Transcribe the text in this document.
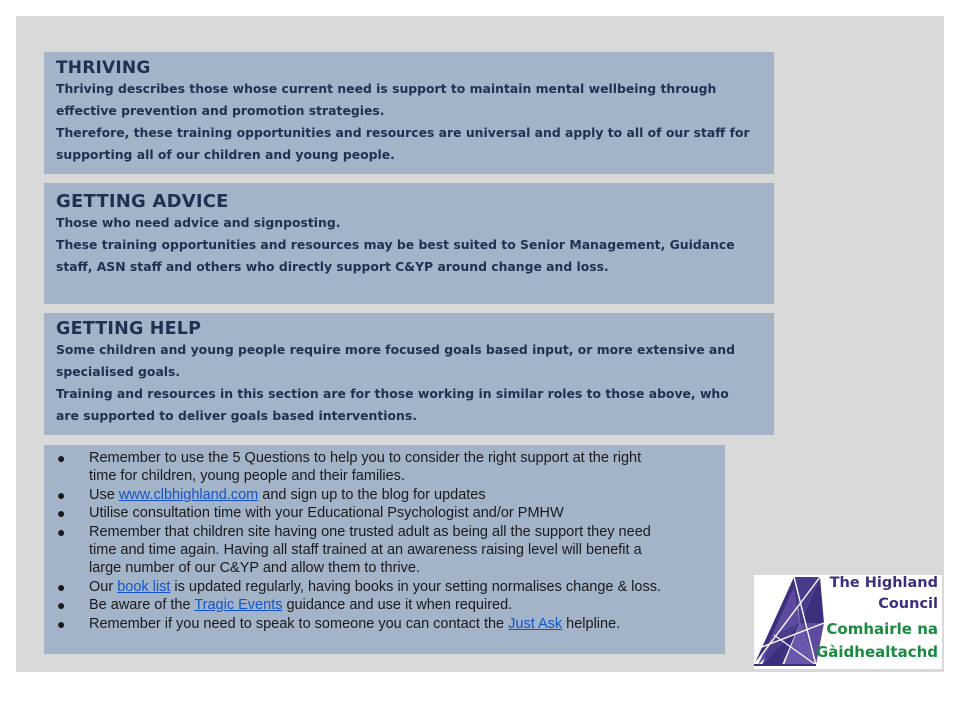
THRIVING

Thriving describes those whose current need is support to maintain mental wellbeing through

effective prevention and promotion strategies.

Therefore, these training opportunities and resources are universal and apply to all of our staff for

supporting all of our children and young people.

GETTING ADVICE

Those who need advice and signposting.

These training opportunities and resources may be best suited to Senior Management, Guidance

staff, ASN staff and others who directly support C&YP around change and loss.

GETTING HELP

Some children and young people require more focused goals based input, or more extensive and

specialised goals.

Training and resources in this section are for those working in similar roles to those above, who

are supported to deliver goals based interventions.

● Remember to use the 5 Questions to help you to consider the right support at the right
time for children, young people and their families.
● Use www.clbhighland.com and sign up to the blog for updates
● Utilise consultation time with your Educational Psychologist and/or PMHW
● Remember that children site having one trusted adult as being all the support they need
time and time again. Having all staff trained at an awareness raising level will benefit a
large number of our C&YP and allow them to thrive.
● Our book list is updated regularly, having books in your setting normalises change & loss.
● Be aware of the Tragic Events guidance and use it when required.
● Remember if you need to speak to someone you can contact the Just Ask helpline.
The Highland
Council
Comhairle na
Gàidhealtachd
